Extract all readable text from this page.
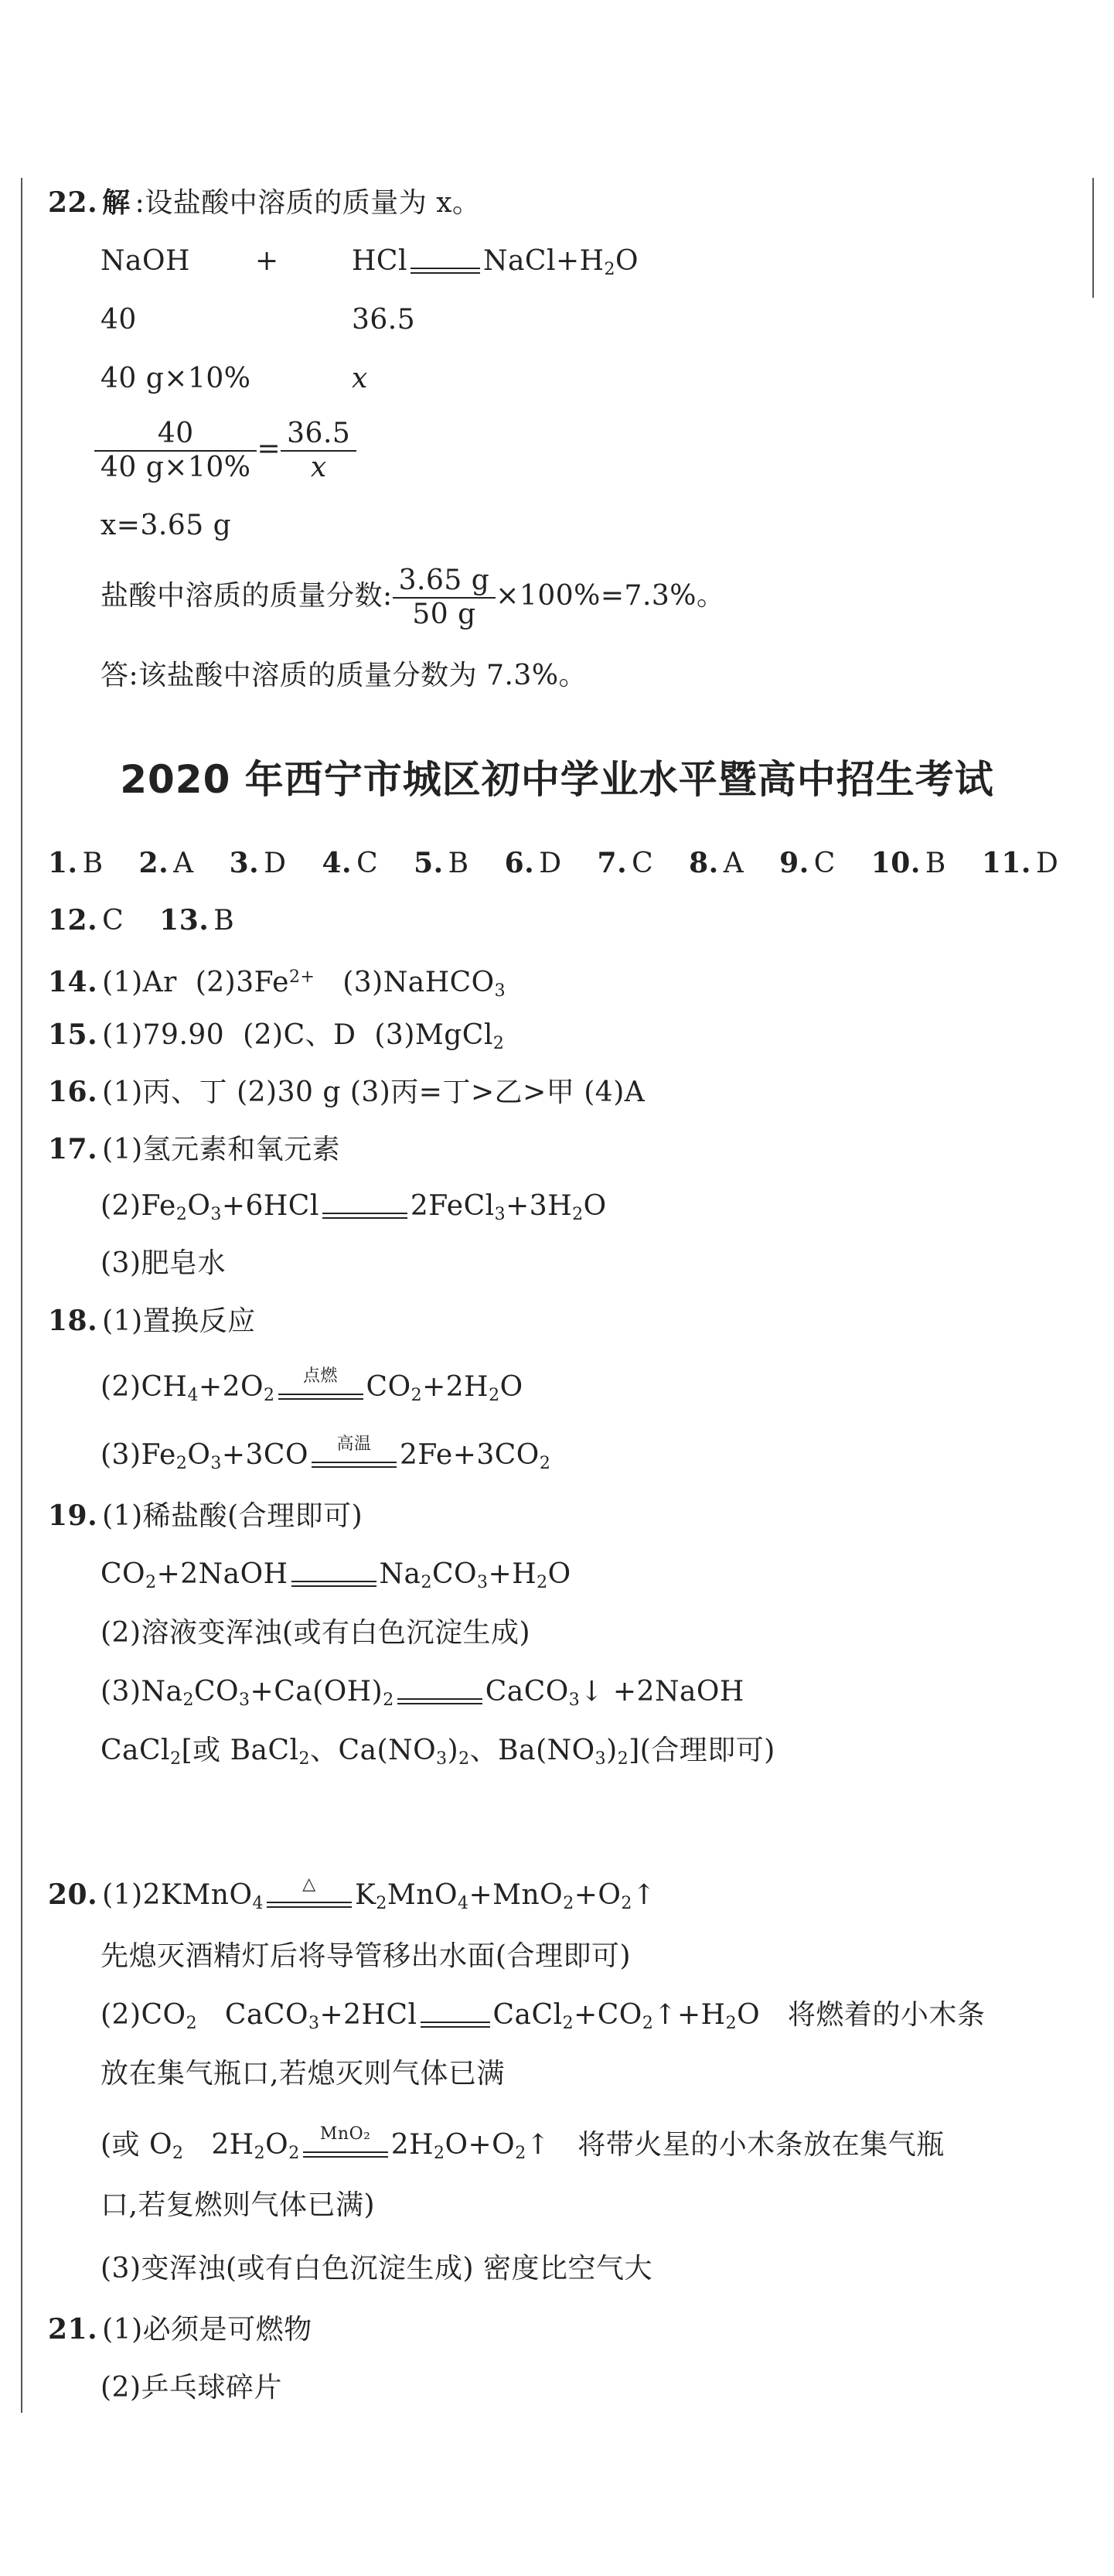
22. 解 :设盐酸中溶质的质量为 x。
NaOH +	HCl	$NaCl+H_2O$
40	36.5
40 g×10%	x
$\frac{40}{40 g\times 10\%} = \frac{36.5}{x}$
x=3.65 g
盐酸中溶质的质量分数: $\frac{3.65 g}{50 g} \times 100\%=7.3\%$。
答:该盐酸中溶质的质量分数为 7.3%。
2020 年西宁市城区初中学业水平暨高中招生考试
1. B 2. A 3. D 4. C 5. B 6. D 7. C 8. A 9. C 10. B 11. D
12. C 13. B
14. (1)Ar $(2)3Fe^{2+}$ (3)NaHCO$_3$
15. (1)79.90 (2)C、D (3)MgCl$_2$
16. (1)丙、丁 (2)30 g (3)丙=丁>乙>甲 (4)A
17. (1)氢元素和氧元素
$(2)Fe_2O_3+6HCl$	$2FeCl_3+3H_2O$
(3)肥皂水
18. (1)置换反应
$(2)CH_4+2O_2$
点燃	$CO_2+2H_2O$
$(3)Fe_2O_3+3CO$	高温	$2Fe+3CO_2$
19. (1)稀盐酸(合理即可)
$CO_2+2NaOH$	$Na_2CO_3+H_2O$
(2)溶液变浑浊(或有白色沉淀生成)
$(3)Na_2CO_3+Ca(OH)_2$	CaCO$_3$↓ +2NaOH
CaCl$_2$[或 BaCl$_2$、$Ca(NO_3)_2$、$Ba(NO_3)_2$](合理即可)
20. (1)2KMnO$_4$
△	$K_2MnO_4+MnO_2+O_2↑$
先熄灭酒精灯后将导管移出水面(合理即可)
$(2)CO_2$ CaCO$_3$+2HCl	$CaCl_2+CO_2↑+H_2O$ 将燃着的小木条
放在集气瓶口,若熄灭则气体已满
(或 $O_2$ $2H_2O_2$
MnO₂ $2H_2O+O_2↑$ 将带火星的小木条放在集气瓶
口,若复燃则气体已满)
(3)变浑浊(或有白色沉淀生成) 密度比空气大
21. (1)必须是可燃物
(2)乒乓球碎片
